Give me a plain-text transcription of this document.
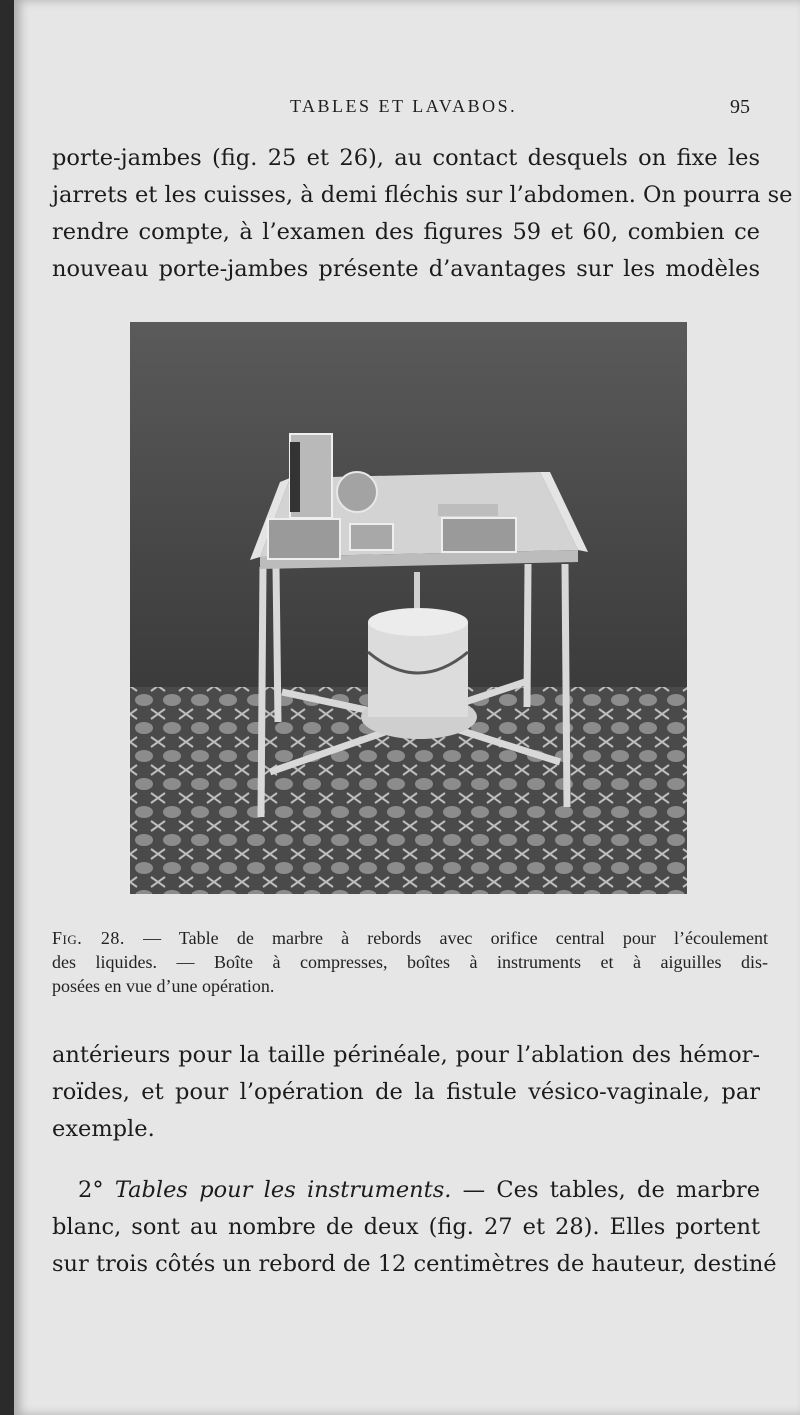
TABLES ET LAVABOS.	95
porte-jambes (fig. 25 et 26), au contact desquels on fixe les
jarrets et les cuisses, à demi fléchis sur l’abdomen. On pourra se
rendre compte, à l’examen des figures 59 et 60, combien ce
nouveau porte-jambes présente d’avantages sur les modèles
Fig. 28. — Table de marbre à rebords avec orifice central pour l’écoulement
des liquides. — Boîte à compresses, boîtes à instruments et à aiguilles dis-
posées en vue d’une opération.
antérieurs pour la taille périnéale, pour l’ablation des hémor-
roïdes, et pour l’opération de la fistule vésico-vaginale, par
exemple.
2° Tables pour les instruments. — Ces tables, de marbre
blanc, sont au nombre de deux (fig. 27 et 28). Elles portent
sur trois côtés un rebord de 12 centimètres de hauteur, destiné
